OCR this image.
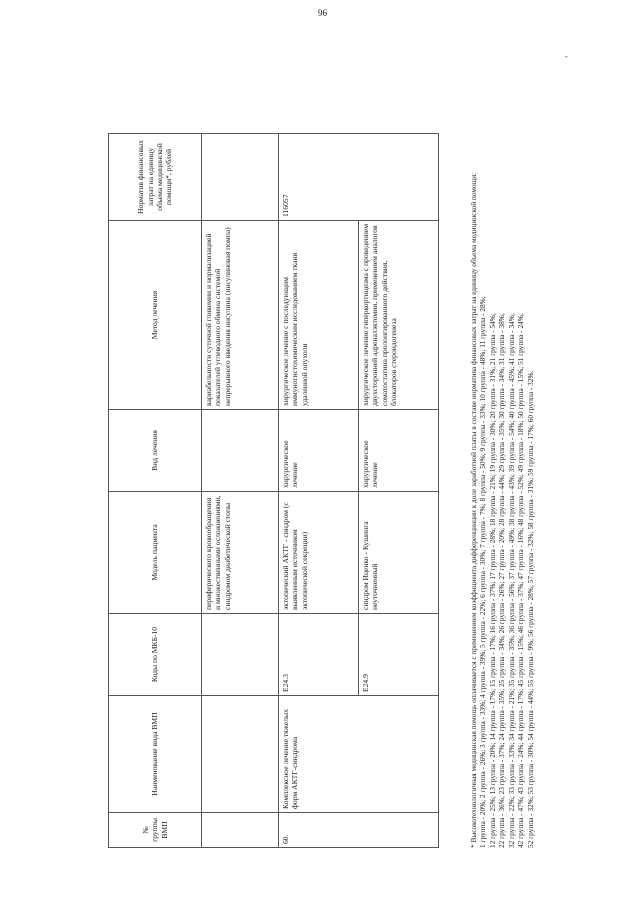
96
-
№ группы ВМП	Наименование вида ВМП	Коды по МКБ-10	Модель пациента	Вид лечения	Метод лечения	Норматив финансовых затрат на единицу объема медицинской помощи*, рублей
			периферического кровообращения и множественными осложнениями, синдромом диабетической стопы		вариабельности суточной гликемии и нормализацией показателей углеводного обмена системой непрерывного введения инсулина (инсулиновая помпа)	
60.	Комплексное лечение тяжелых форм АКТГ-синдрома	E24.3	эктопический АКТГ - синдром (с выявленным источником эктопической секреции)	хирургическое лечение	хирургическое лечение с последующим иммуногистохимическим исследованием ткани удаленной опухоли	116057
		E24.9	синдром Иценко - Кушинга неуточненный	хирургическое лечение	хирургическое лечение гиперкортицизма с проведением двухсторонней адреналэктомии, применением аналогов соматостатина пролонгированного действия, блокаторов стероидогенеза		* Высокотехнологичная медицинская помощь оплачивается с применением коэффициента дифференциации к доле заработной платы в составе норматива финансовых затрат на единицу объема медицинской помощи: 1 группа - 20%; 2 группа - 26%; 3 группа - 33%; 4 группа - 39%; 5 группа - 22%; 6 группа - 30%; 7 группа - 7%; 8 группа - 50%; 9 группа - 33%; 10 группа - 48%; 11 группа - 28%; 12 группа - 25%; 13 группа - 20%; 14 группа - 17%; 15 группа - 17%; 16 группа - 37%; 17 группа - 28%; 18 группа - 21%; 19 группа - 30%; 20 группа - 31%; 21 группа - 54%; 22 группа - 36%; 23 группа - 37%; 24 группа - 35%; 25 группа - 34%; 26 группа - 26%; 27 группа - 20%; 28 группа - 44%; 29 группа - 35%; 30 группа - 34%; 31 группа - 38%; 32 группа - 22%; 33 группа - 33%; 34 группа - 21%; 35 группа - 35%; 36 группа - 56%; 37 группа - 49%; 38 группа - 43%; 39 группа - 54%; 40 группа - 45%; 41 группа - 34%; 42 группа - 47%; 43 группа - 24%; 44 группа - 17%; 45 группа - 15%; 46 группа - 37%; 47 группа - 16%; 48 группа - 52%; 49 группа - 18%; 50 группа - 15%; 51 группа - 24%; 52 группа - 32%; 53 группа - 30%; 54 группа - 44%; 55 группа - 9%; 56 группа - 28%; 57 группа - 32%; 58 группа - 31%; 59 группа - 17%; 60 группа - 32%.
